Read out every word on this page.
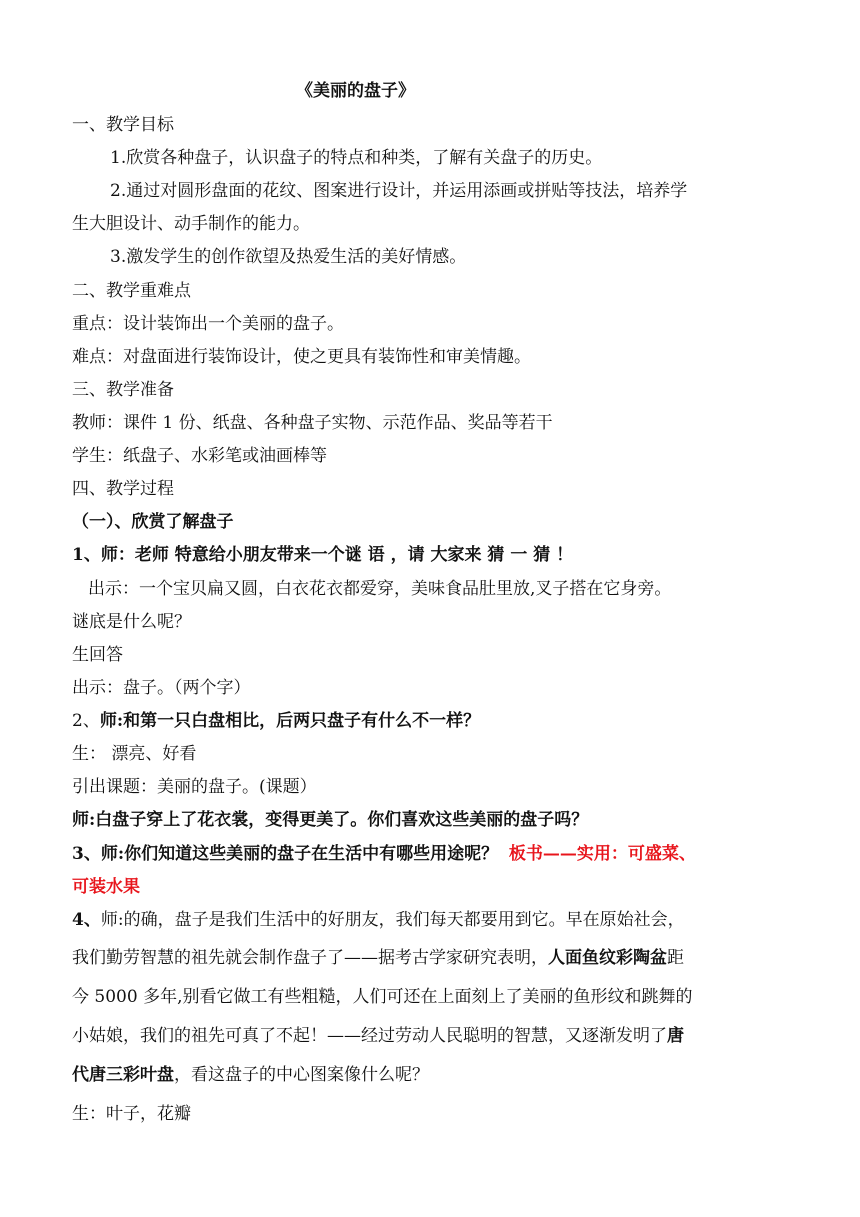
《美丽的盘子》
一、教学目标
1.欣赏各种盘子，认识盘子的特点和种类，了解有关盘子的历史。
2.通过对圆形盘面的花纹、图案进行设计，并运用添画或拼贴等技法，培养学
生大胆设计、动手制作的能力。
3.激发学生的创作欲望及热爱生活的美好情感。
二、教学重难点
重点：设计装饰出一个美丽的盘子。
难点：对盘面进行装饰设计，使之更具有装饰性和审美情趣。
三、教学准备
教师：课件 1 份、纸盘、各种盘子实物、示范作品、奖品等若干
学生：纸盘子、水彩笔或油画棒等
四、教学过程
（一）、欣赏了解盘子
1、师：老师 特意给小朋友带来一个谜 语 ，请 大家来 猜 一 猜 ！
出示：一个宝贝扁又圆，白衣花衣都爱穿，美味食品肚里放,叉子搭在它身旁。
谜底是什么呢？
生回答
出示：盘子。（两个字）
2、师:和第一只白盘相比，后两只盘子有什么不一样？
生： 漂亮、好看
引出课题：美丽的盘子。(课题）
师:白盘子穿上了花衣裳，变得更美了。你们喜欢这些美丽的盘子吗？
3、师:你们知道这些美丽的盘子在生活中有哪些用途呢？ 板书——实用：可盛菜、
可装水果
4、师:的确，盘子是我们生活中的好朋友，我们每天都要用到它。早在原始社会，
我们勤劳智慧的祖先就会制作盘子了——据考古学家研究表明，人面鱼纹彩陶盆距
今 5000 多年,别看它做工有些粗糙，人们可还在上面刻上了美丽的鱼形纹和跳舞的
小姑娘，我们的祖先可真了不起！——经过劳动人民聪明的智慧，又逐渐发明了唐
代唐三彩叶盘，看这盘子的中心图案像什么呢？
生：叶子，花瓣
